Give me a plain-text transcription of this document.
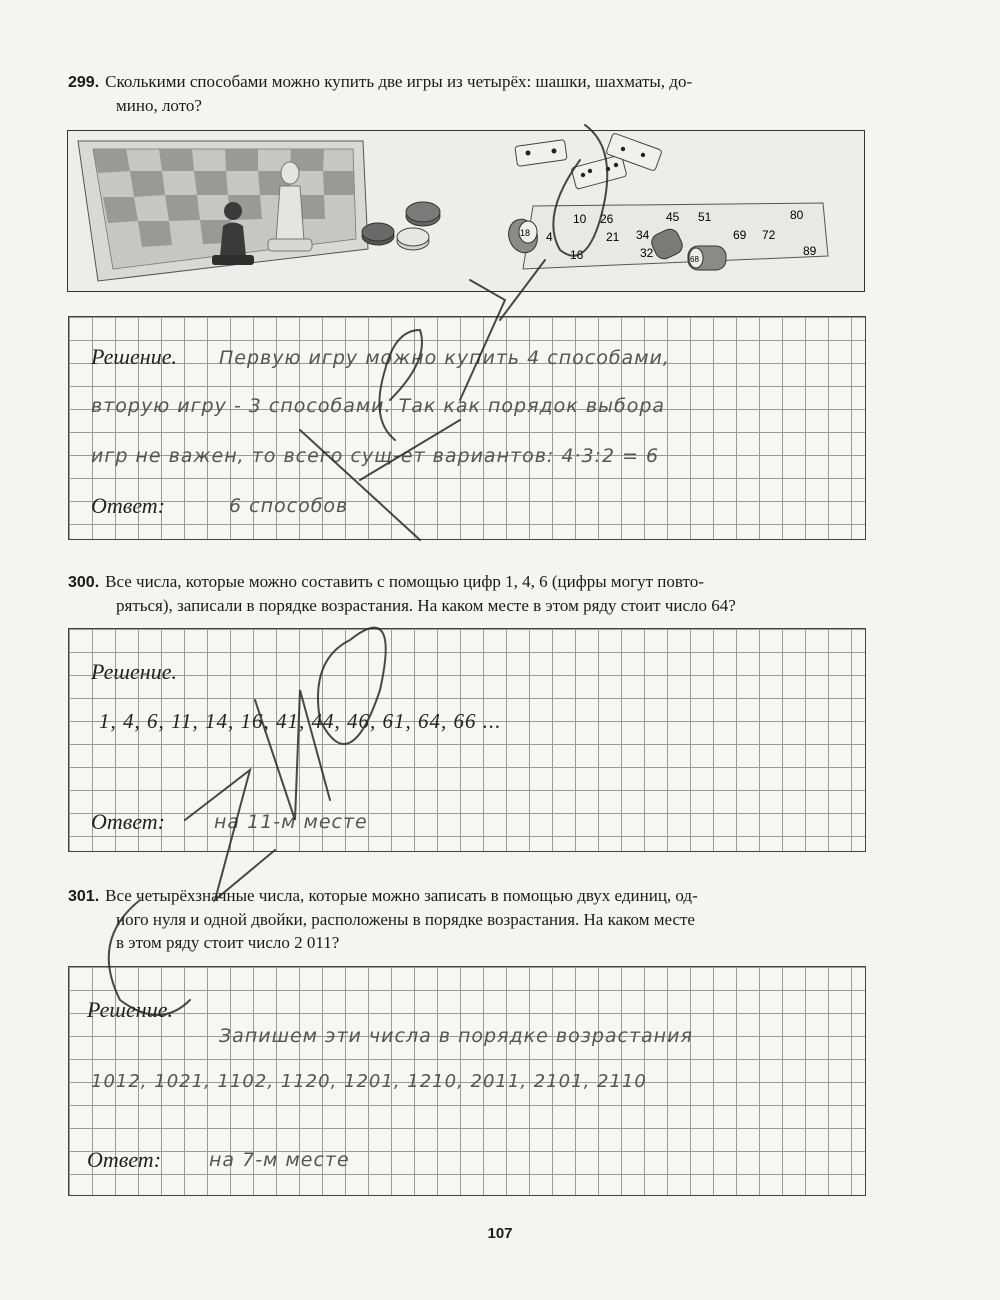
299. Сколькими способами можно купить две игры из четырёх: шашки, шахматы, до-
мино, лото?
10 26	45 51	80
4	21 34	69 72
16	32	89
18
68
Решение. Первую игру можно купить 4 способами,
вторую игру - 3 способами. Так как порядок выбора
игр не важен, то всего сущ-ет вариантов: 4·3:2 = 6
Ответ:	6 способов
300. Все числа, которые можно составить с помощью цифр 1, 4, 6 (цифры могут повто-
ряться), записали в порядке возрастания. На каком месте в этом ряду стоит число 64?
Решение.
1, 4, 6, 11, 14, 16, 41, 44, 46, 61, 64, 66 ...
Ответ:	на 11-м месте
301. Все четырёхзначные числа, которые можно записать в помощью двух единиц, од-
ного нуля и одной двойки, расположены в порядке возрастания. На каком месте
в этом ряду стоит число 2 011?
Решение.
Запишем эти числа в порядке возрастания
1012, 1021, 1102, 1120, 1201, 1210, 2011, 2101, 2110
Ответ:	на 7-м месте
107
